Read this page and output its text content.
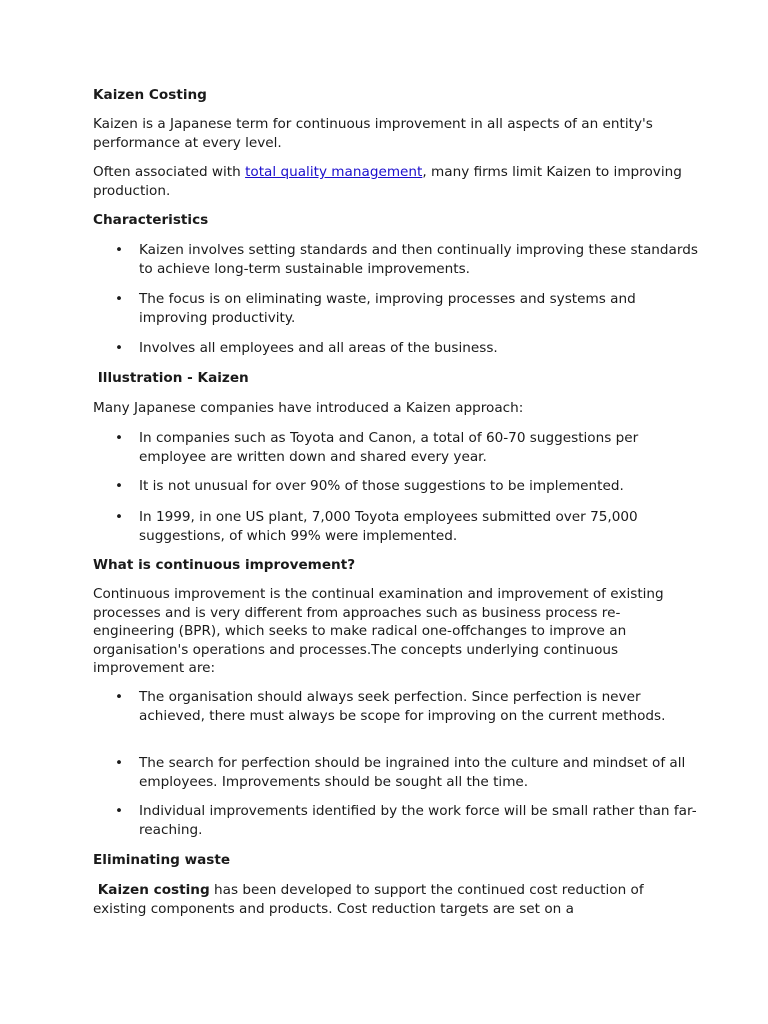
Kaizen Costing

Kaizen is a Japanese term for continuous improvement in all aspects of an entity's performance at every level.

Often associated with total quality management, many firms limit Kaizen to improving production.

Characteristics

• Kaizen involves setting standards and then continually improving these standards to achieve long-term sustainable improvements.
• The focus is on eliminating waste, improving processes and systems and improving productivity.
• Involves all employees and all areas of the business.

Illustration - Kaizen

Many Japanese companies have introduced a Kaizen approach:

• In companies such as Toyota and Canon, a total of 60-70 suggestions per employee are written down and shared every year.
• It is not unusual for over 90% of those suggestions to be implemented.
• In 1999, in one US plant, 7,000 Toyota employees submitted over 75,000 suggestions, of which 99% were implemented.

What is continuous improvement?

Continuous improvement is the continual examination and improvement of existing processes and is very different from approaches such as business process re-engineering (BPR), which seeks to make radical one-offchanges to improve an organisation's operations and processes.The concepts underlying continuous improvement are:

• The organisation should always seek perfection. Since perfection is never achieved, there must always be scope for improving on the current methods.
• The search for perfection should be ingrained into the culture and mindset of all employees. Improvements should be sought all the time.
• Individual improvements identified by the work force will be small rather than far-reaching.

Eliminating waste

Kaizen costing has been developed to support the continued cost reduction of existing components and products. Cost reduction targets are set on a
